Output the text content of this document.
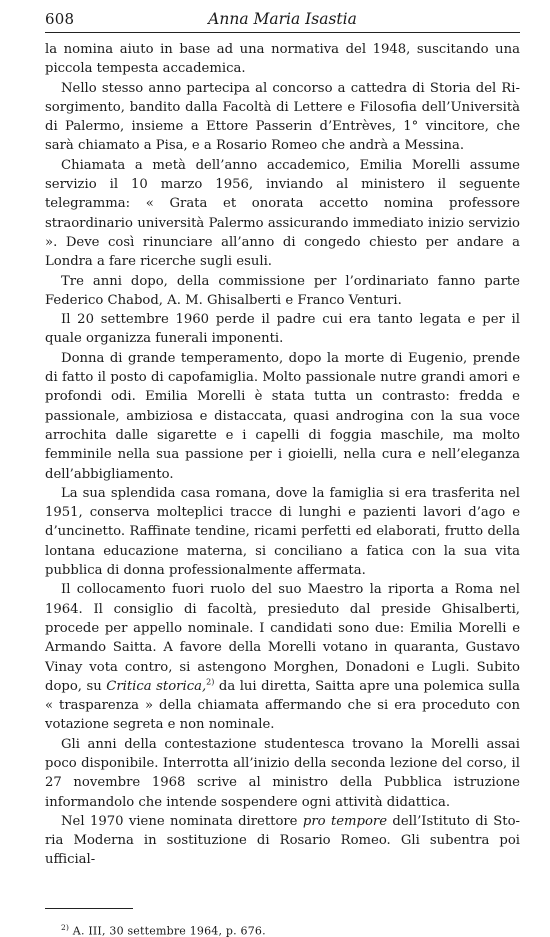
608	Anna Maria Isastia

la nomina aiuto in base ad una normativa del 1948, suscitando una piccola tempesta accademica.

Nello stesso anno partecipa al concorso a cattedra di Storia del Risorgimento, bandito dalla Facoltà di Lettere e Filosofia dell’Università di Palermo, insieme a Ettore Passerin d’Entrèves, 1° vincitore, che sarà chiamato a Pisa, e a Rosario Romeo che andrà a Messina.

Chiamata a metà dell’anno accademico, Emilia Morelli assume servizio il 10 marzo 1956, inviando al ministero il seguente telegramma: « Grata et onorata accetto nomina professore straordinario università Palermo assicurando immediato inizio servizio ». Deve così rinunciare all’anno di congedo chiesto per andare a Londra a fare ricerche sugli esuli.

Tre anni dopo, della commissione per l’ordinariato fanno parte Federico Chabod, A. M. Ghisalberti e Franco Venturi.

Il 20 settembre 1960 perde il padre cui era tanto legata e per il quale organizza funerali imponenti.

Donna di grande temperamento, dopo la morte di Eugenio, prende di fatto il posto di capofamiglia. Molto passionale nutre grandi amori e profondi odi. Emilia Morelli è stata tutta un contrasto: fredda e passionale, ambiziosa e distaccata, quasi androgina con la sua voce arrochita dalle sigarette e i capelli di foggia maschile, ma molto femminile nella sua passione per i gioielli, nella cura e nell’eleganza dell’abbigliamento.

La sua splendida casa romana, dove la famiglia si era trasferita nel 1951, conserva molteplici tracce di lunghi e pazienti lavori d’ago e d’uncinetto. Raffinate tendine, ricami perfetti ed elaborati, frutto della lontana educazione materna, si conciliano a fatica con la sua vita pubblica di donna professionalmente affermata.

Il collocamento fuori ruolo del suo Maestro la riporta a Roma nel 1964. Il consiglio di facoltà, presieduto dal preside Ghisalberti, procede per appello nominale. I candidati sono due: Emilia Morelli e Armando Saitta. A favore della Morelli votano in quaranta, Gustavo Vinay vota contro, si astengono Morghen, Donadoni e Lugli. Subito dopo, su Critica storica,$^{2)}$ da lui diretta, Saitta apre una polemica sulla « trasparenza » della chiamata affermando che si era proceduto con votazione segreta e non nominale.

Gli anni della contestazione studentesca trovano la Morelli assai poco disponibile. Interrotta all’inizio della seconda lezione del corso, il 27 novembre 1968 scrive al ministro della Pubblica istruzione informandolo che intende sospendere ogni attività didattica.

Nel 1970 viene nominata direttore pro tempore dell’Istituto di Storia Moderna in sostituzione di Rosario Romeo. Gli subentra poi ufficial-

$^{2)}$ A. III, 30 settembre 1964, p. 676.
